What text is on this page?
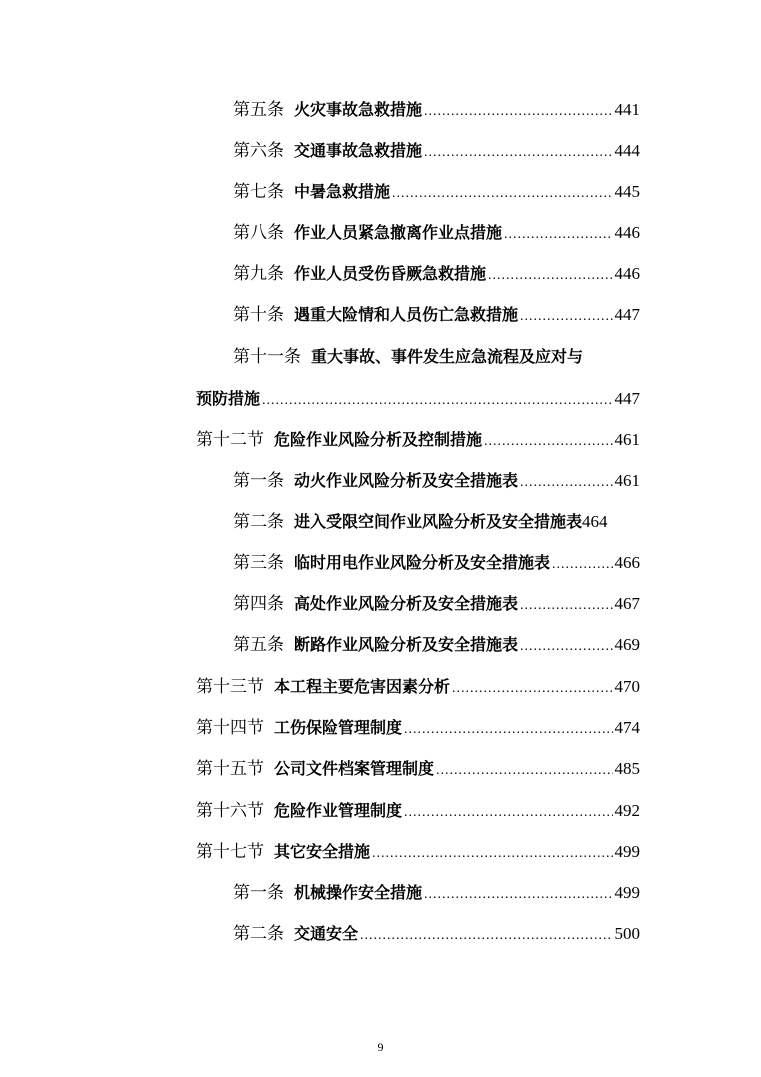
第五条 火灾事故急救措施 .....	441
第六条 交通事故急救措施 .....	444
第七条 中暑急救措施 .....	445
第八条 作业人员紧急撤离作业点措施 .....	446
第九条 作业人员受伤昏厥急救措施 .....	446
第十条 遇重大险情和人员伤亡急救措施 .....	447
第十一条 重大事故、事件发生应急流程及应对与
预防措施 .....	447
第十二节 危险作业风险分析及控制措施 .....	461
第一条 动火作业风险分析及安全措施表 .....	461
第二条 进入受限空间作业风险分析及安全措施表 464
第三条 临时用电作业风险分析及安全措施表 .....	466
第四条 高处作业风险分析及安全措施表 .....	467
第五条 断路作业风险分析及安全措施表 .....	469
第十三节 本工程主要危害因素分析 .....	470
第十四节 工伤保险管理制度 .....	474
第十五节 公司文件档案管理制度 .....	485
第十六节 危险作业管理制度 .....	492
第十七节 其它安全措施 .....	499
第一条 机械操作安全措施 .....	499
第二条 交通安全 .....	500
9
